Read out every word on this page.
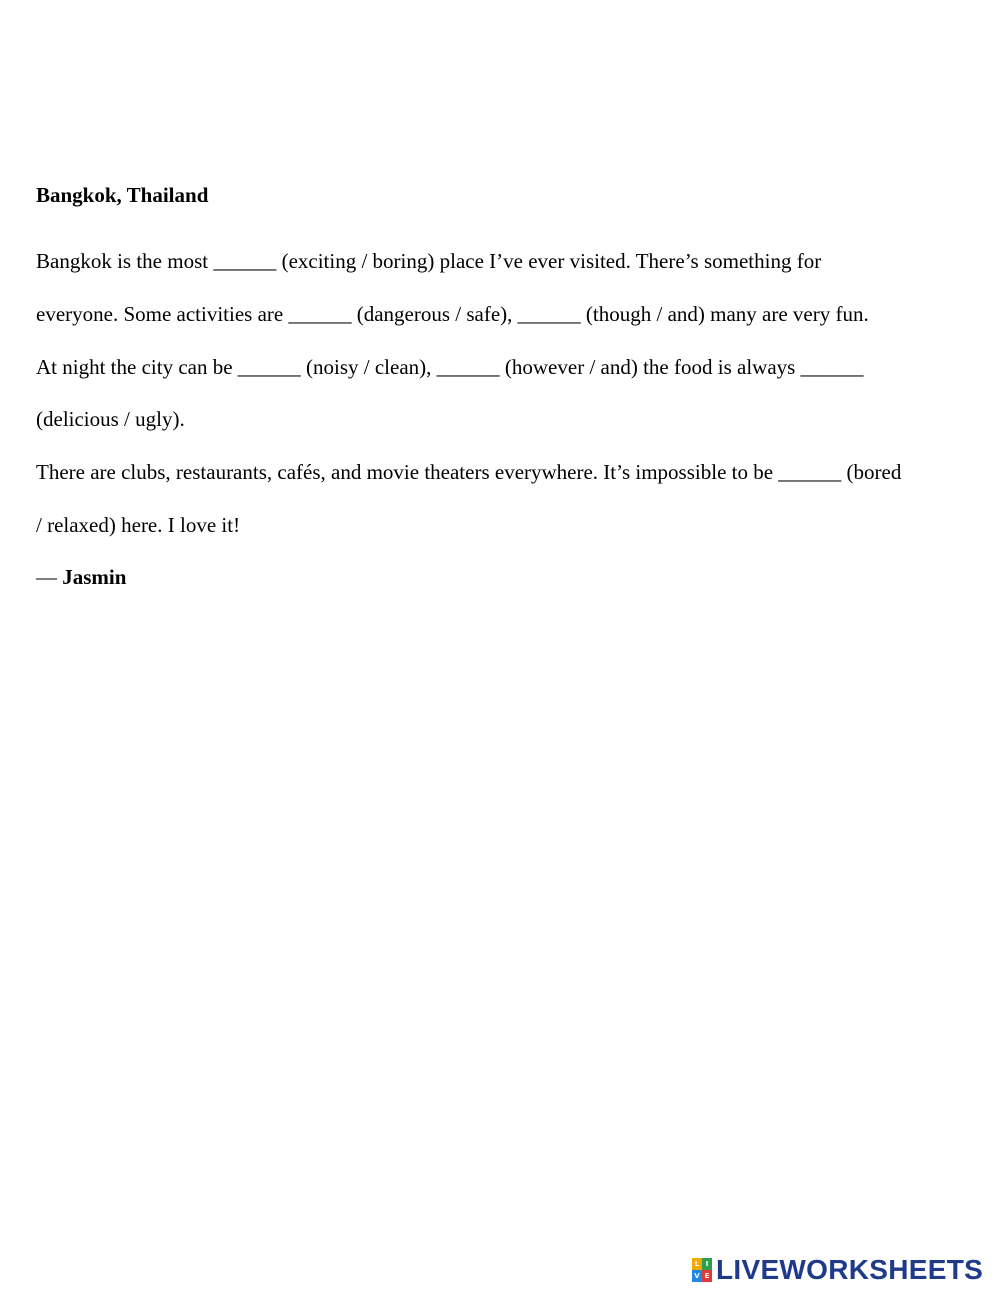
Bangkok, Thailand
Bangkok is the most ______ (exciting / boring) place I’ve ever visited. There’s something for
everyone. Some activities are ______ (dangerous / safe), ______ (though / and) many are very fun.
At night the city can be ______ (noisy / clean), ______ (however / and) the food is always ______
(delicious / ugly).
There are clubs, restaurants, cafés, and movie theaters everywhere. It’s impossible to be ______ (bored
/ relaxed) here. I love it!
— Jasmin
L I
V E LIVEWORKSHEETS
